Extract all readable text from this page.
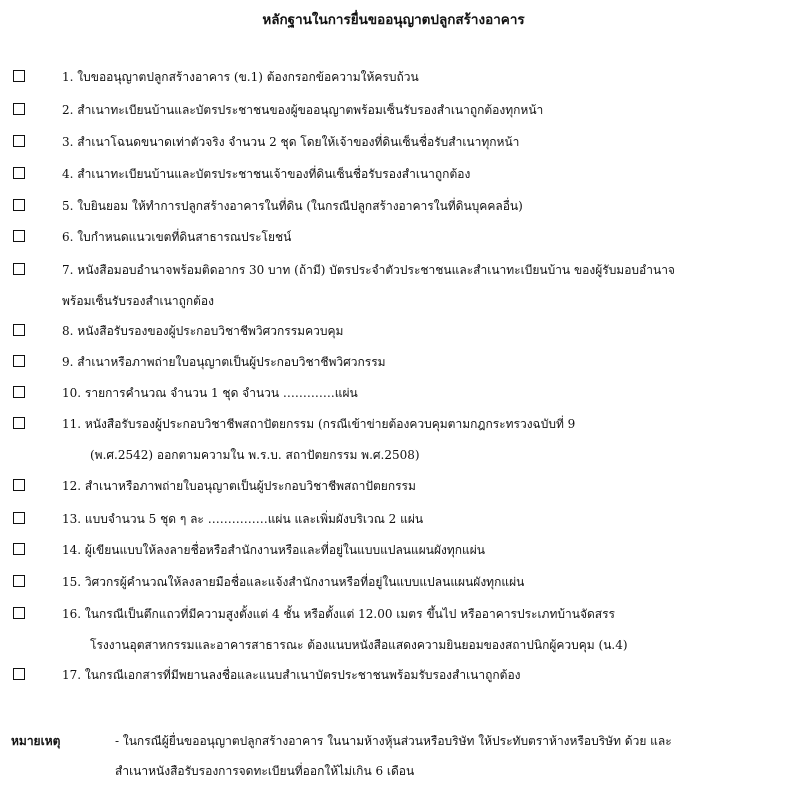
หลักฐานในการยื่นขออนุญาตปลูกสร้างอาคาร
1. ใบขออนุญาตปลูกสร้างอาคาร (ข.1) ต้องกรอกข้อความให้ครบถ้วน
2. สำเนาทะเบียนบ้านและบัตรประชาชนของผู้ขออนุญาตพร้อมเซ็นรับรองสำเนาถูกต้องทุกหน้า
3. สำเนาโฉนดขนาดเท่าตัวจริง จำนวน 2 ชุด โดยให้เจ้าของที่ดินเซ็นชื่อรับสำเนาทุกหน้า
4. สำเนาทะเบียนบ้านและบัตรประชาชนเจ้าของที่ดินเซ็นชื่อรับรองสำเนาถูกต้อง
5. ใบยินยอม ให้ทำการปลูกสร้างอาคารในที่ดิน (ในกรณีปลูกสร้างอาคารในที่ดินบุคคลอื่น)
6. ใบกำหนดแนวเขตที่ดินสาธารณประโยชน์
7. หนังสือมอบอำนาจพร้อมติดอากร 30 บาท (ถ้ามี) บัตรประจำตัวประชาชนและสำเนาทะเบียนบ้าน ของผู้รับมอบอำนาจ
พร้อมเซ็นรับรองสำเนาถูกต้อง
8. หนังสือรับรองของผู้ประกอบวิชาชีพวิศวกรรมควบคุม
9. สำเนาหรือภาพถ่ายใบอนุญาตเป็นผู้ประกอบวิชาชีพวิศวกรรม
10. รายการคำนวณ จำนวน 1 ชุด จำนวน ………….แผ่น
11. หนังสือรับรองผู้ประกอบวิชาชีพสถาปัตยกรรม (กรณีเข้าข่ายต้องควบคุมตามกฎกระทรวงฉบับที่ 9
(พ.ศ.2542) ออกตามความใน พ.ร.บ. สถาปัตยกรรม พ.ศ.2508)
12. สำเนาหรือภาพถ่ายใบอนุญาตเป็นผู้ประกอบวิชาชีพสถาปัตยกรรม
13. แบบจำนวน 5 ชุด ๆ ละ ……………แผ่น และเพิ่มผังบริเวณ 2 แผ่น
14. ผู้เขียนแบบให้ลงลายชื่อหรือสำนักงานหรือและที่อยู่ในแบบแปลนแผนผังทุกแผ่น
15. วิศวกรผู้คำนวณให้ลงลายมือชื่อและแจ้งสำนักงานหรือที่อยู่ในแบบแปลนแผนผังทุกแผ่น
16. ในกรณีเป็นตึกแถวที่มีความสูงตั้งแต่ 4 ชั้น หรือตั้งแต่ 12.00 เมตร ขึ้นไป หรืออาคารประเภทบ้านจัดสรร
โรงงานอุตสาหกรรมและอาคารสาธารณะ ต้องแนบหนังสือแสดงความยินยอมของสถาปนิกผู้ควบคุม (น.4)
17. ในกรณีเอกสารที่มีพยานลงชื่อและแนบสำเนาบัตรประชาชนพร้อมรับรองสำเนาถูกต้อง
หมายเหตุ	- ในกรณีผู้ยื่นขออนุญาตปลูกสร้างอาคาร ในนามห้างหุ้นส่วนหรือบริษัท ให้ประทับตราห้างหรือบริษัท ด้วย และ
สำเนาหนังสือรับรองการจดทะเบียนที่ออกให้ไม่เกิน 6 เดือน
